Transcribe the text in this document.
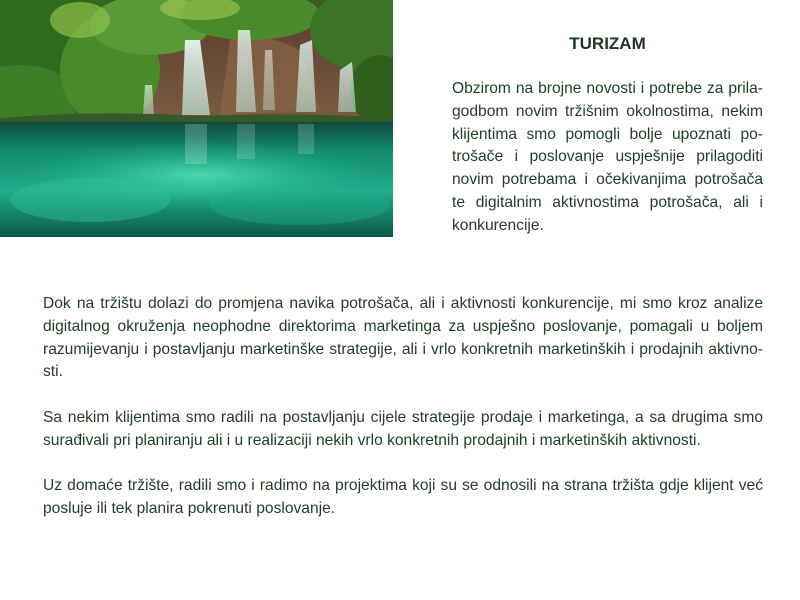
TURIZAM

Obzirom na brojne novosti i potrebe za prilagodbom novim tržišnim okolnostima, nekim klijentima smo pomogli bolje upoznati potrošače i poslovanje uspješnije prilagoditi novim potrebama i očekivanjima potrošača te digitalnim aktivnostima potrošača, ali i konkurencije.

Dok na tržištu dolazi do promjena navika potrošača, ali i aktivnosti konkurencije, mi smo kroz analize digitalnog okruženja neophodne direktorima marketinga za uspješno poslovanje, pomagali u boljem razumijevanju i postavljanju marketinške strategije, ali i vrlo konkretnih marketinških i prodajnih aktivnosti.

Sa nekim klijentima smo radili na postavljanju cijele strategije prodaje i marketinga, a sa drugima smo surađivali pri planiranju ali i u realizaciji nekih vrlo konkretnih prodajnih i marketinških aktivnosti.

Uz domaće tržište, radili smo i radimo na projektima koji su se odnosili na strana tržišta gdje klijent već posluje ili tek planira pokrenuti poslovanje.
